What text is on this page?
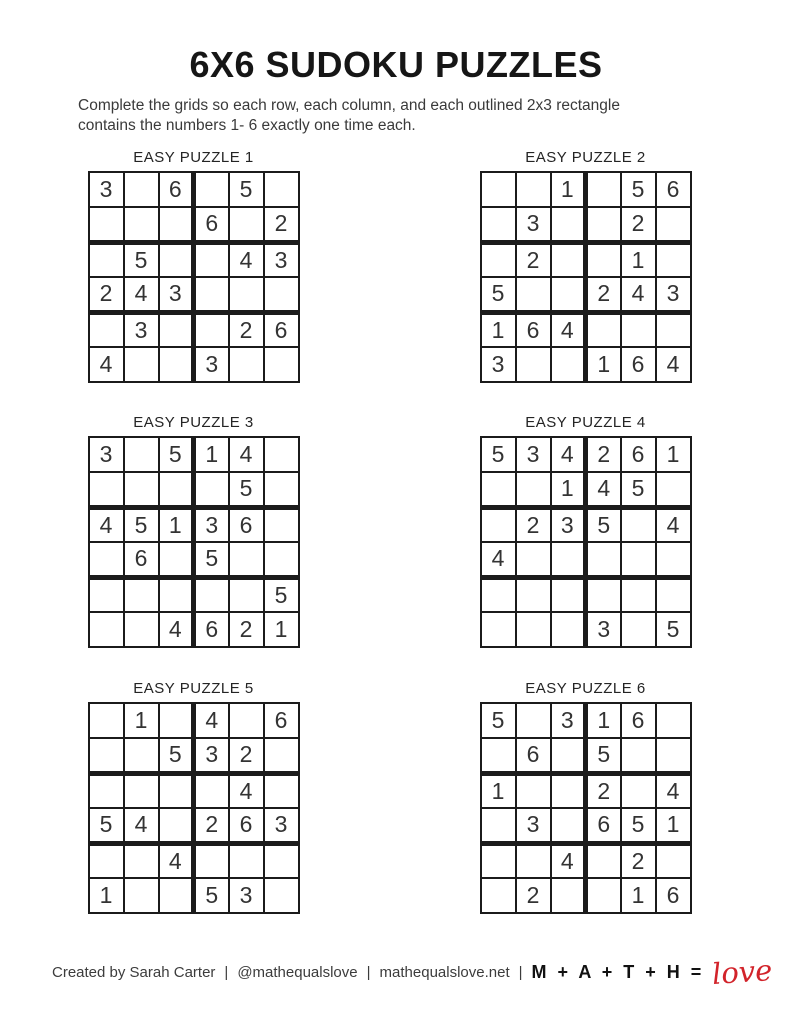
6X6 SUDOKU PUZZLES
Complete the grids so each row, each column, and each outlined 2x3 rectangle
contains the numbers 1- 6 exactly one time each.
EASY PUZZLE 1
3		6		5	
			6		2
	5			4	3
2	4	3			
	3			2	6
4			3		
EASY PUZZLE 2
		1		5	6
	3			2	
	2			1	
5			2	4	3
1	6	4			
3			1	6	4
EASY PUZZLE 3
3		5	1	4	
				5	
4	5	1	3	6	
	6		5		
					5
		4	6	2	1
EASY PUZZLE 4
5	3	4	2	6	1
		1	4	5	
	2	3	5		4
4					

			3		5
EASY PUZZLE 5
	1		4		6
		5	3	2	
				4	
5	4		2	6	3
		4			
1			5	3	
EASY PUZZLE 6
5		3	1	6	
	6		5		
1			2		4
	3		6	5	1
		4		2	
	2			1	6
Created by Sarah Carter | @mathequalslove | mathequalslove.net | M + A + T + H = love
